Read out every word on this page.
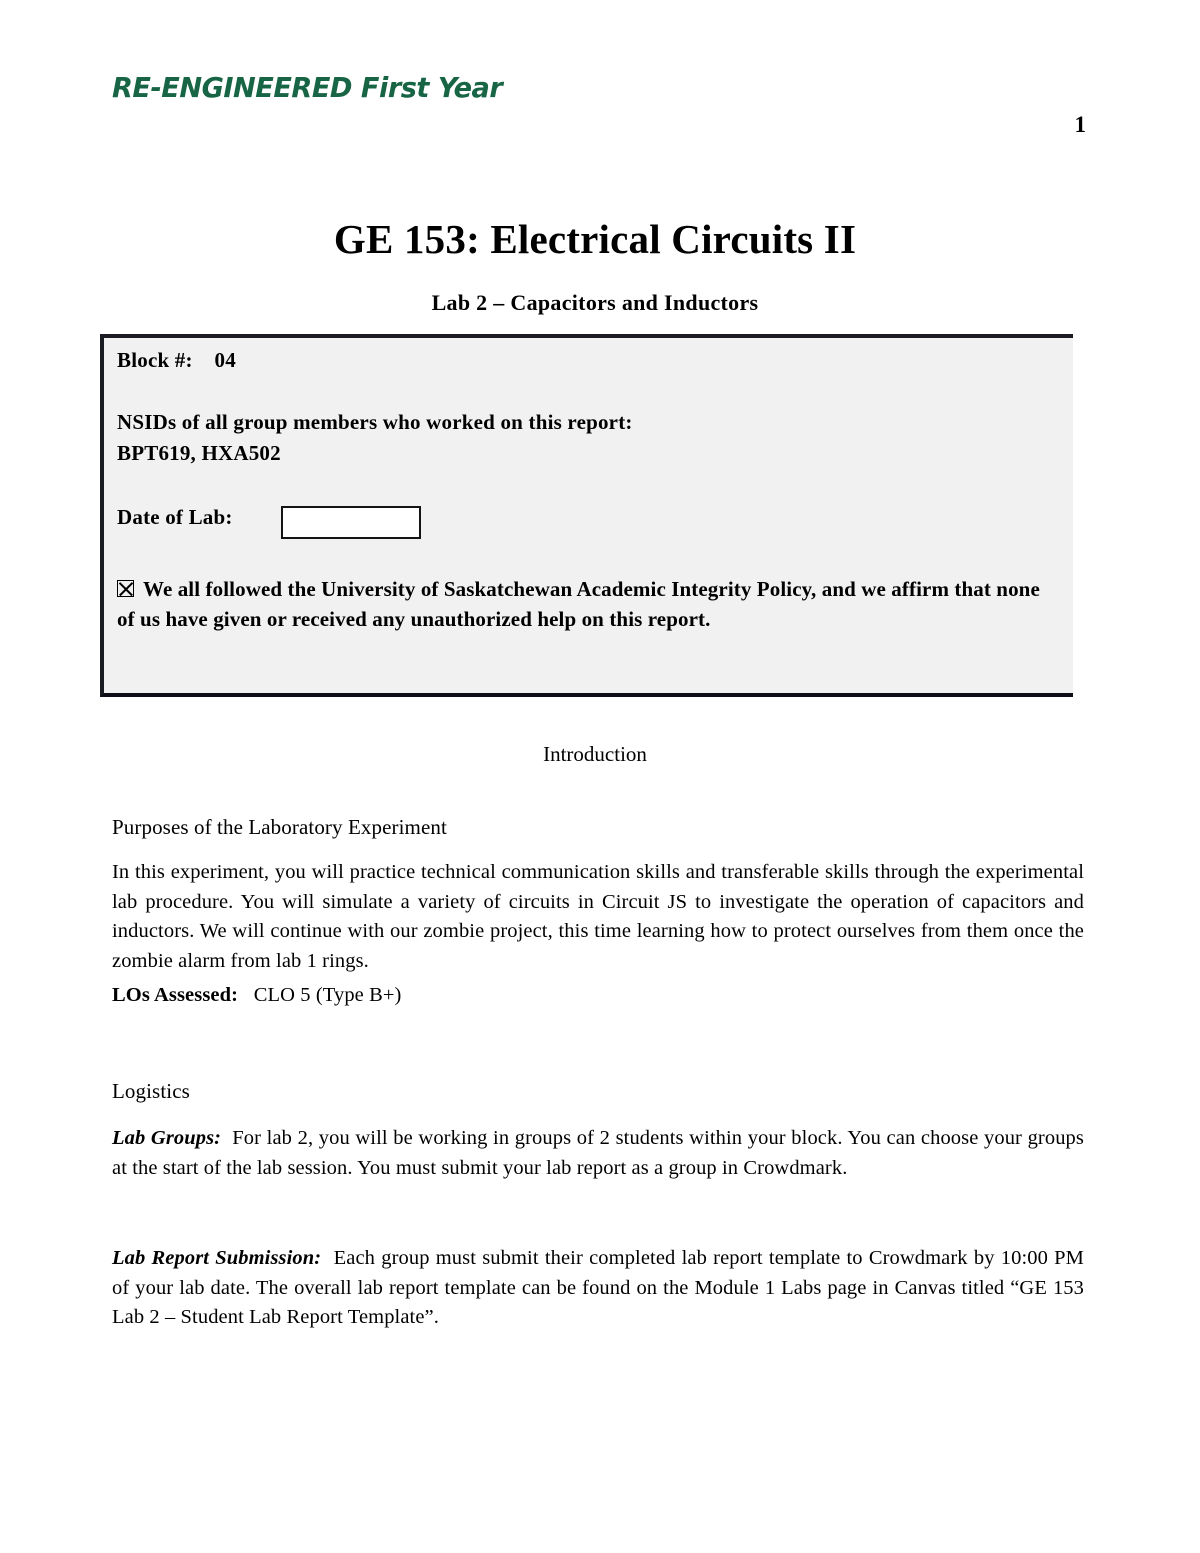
RE-ENGINEERED First Year
1
GE 153: Electrical Circuits II
Lab 2 – Capacitors and Inductors
Block #: 04
NSIDs of all group members who worked on this report:
BPT619, HXA502
Date of Lab:
We all followed the University of Saskatchewan Academic Integrity Policy, and we affirm that none of us have given or received any unauthorized help on this report.
Introduction
Purposes of the Laboratory Experiment
In this experiment, you will practice technical communication skills and transferable skills through the experimental lab procedure. You will simulate a variety of circuits in Circuit JS to investigate the operation of capacitors and inductors. We will continue with our zombie project, this time learning how to protect ourselves from them once the zombie alarm from lab 1 rings.
LOs Assessed: CLO 5 (Type B+)
Logistics
Lab Groups: For lab 2, you will be working in groups of 2 students within your block. You can choose your groups at the start of the lab session. You must submit your lab report as a group in Crowdmark.
Lab Report Submission: Each group must submit their completed lab report template to Crowdmark by 10:00 PM of your lab date. The overall lab report template can be found on the Module 1 Labs page in Canvas titled “GE 153 Lab 2 – Student Lab Report Template”.
